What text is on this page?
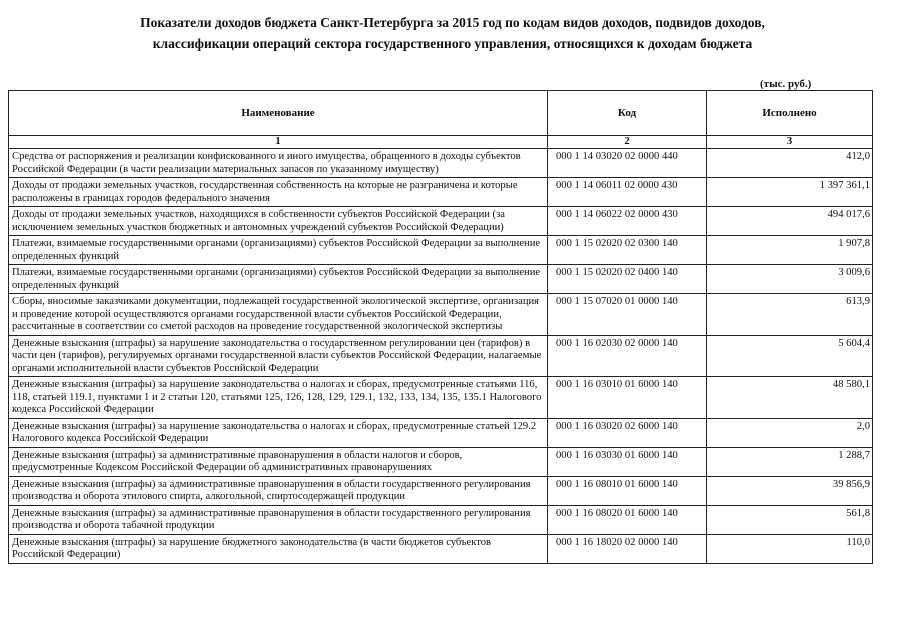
Показатели доходов бюджета Санкт-Петербурга за 2015 год по кодам видов доходов, подвидов доходов,
классификации операций сектора государственного управления, относящихся к доходам бюджета
(тыс. руб.)
Наименование	Код	Исполнено
1	2	3
Средства от распоряжения и реализации конфискованного и иного имущества, обращенного в доходы субъектов Российской Федерации (в части реализации материальных запасов по указанному имуществу)	000 1 14 03020 02 0000 440	412,0
Доходы от продажи земельных участков, государственная собственность на которые не разграничена и которые расположены в границах городов федерального значения	000 1 14 06011 02 0000 430	1 397 361,1
Доходы от продажи земельных участков, находящихся в собственности субъектов Российской Федерации (за исключением земельных участков бюджетных и автономных учреждений субъектов Российской Федерации)	000 1 14 06022 02 0000 430	494 017,6
Платежи, взимаемые государственными органами (организациями) субъектов Российской Федерации за выполнение определенных функций	000 1 15 02020 02 0300 140	1 907,8
Платежи, взимаемые государственными органами (организациями) субъектов Российской Федерации за выполнение определенных функций	000 1 15 02020 02 0400 140	3 009,6
Сборы, вносимые заказчиками документации, подлежащей государственной экологической экспертизе, организация и проведение которой осуществляются органами государственной власти субъектов Российской Федерации, рассчитанные в соответствии со сметой расходов на проведение государственной экологической экспертизы	000 1 15 07020 01 0000 140	613,9
Денежные взыскания (штрафы) за нарушение законодательства о государственном регулировании цен (тарифов) в части цен (тарифов), регулируемых органами государственной власти субъектов Российской Федерации, налагаемые органами исполнительной власти субъектов Российской Федерации	000 1 16 02030 02 0000 140	5 604,4
Денежные взыскания (штрафы) за нарушение законодательства о налогах и сборах, предусмотренные статьями 116, 118, статьей 119.1, пунктами 1 и 2 статьи 120, статьями 125, 126, 128, 129, 129.1, 132, 133, 134, 135, 135.1 Налогового кодекса Российской Федерации	000 1 16 03010 01 6000 140	48 580,1
Денежные взыскания (штрафы) за нарушение законодательства о налогах и сборах, предусмотренные статьей 129.2 Налогового кодекса Российской Федерации	000 1 16 03020 02 6000 140	2,0
Денежные взыскания (штрафы) за административные правонарушения в области налогов и сборов, предусмотренные Кодексом Российской Федерации об административных правонарушениях	000 1 16 03030 01 6000 140	1 288,7
Денежные взыскания (штрафы) за административные правонарушения в области государственного регулирования производства и оборота этилового спирта, алкогольной, спиртосодержащей продукции	000 1 16 08010 01 6000 140	39 856,9
Денежные взыскания (штрафы) за административные правонарушения в области государственного регулирования производства и оборота табачной продукции	000 1 16 08020 01 6000 140	561,8
Денежные взыскания (штрафы) за нарушение бюджетного законодательства (в части бюджетов субъектов Российской Федерации)	000 1 16 18020 02 0000 140	110,0
